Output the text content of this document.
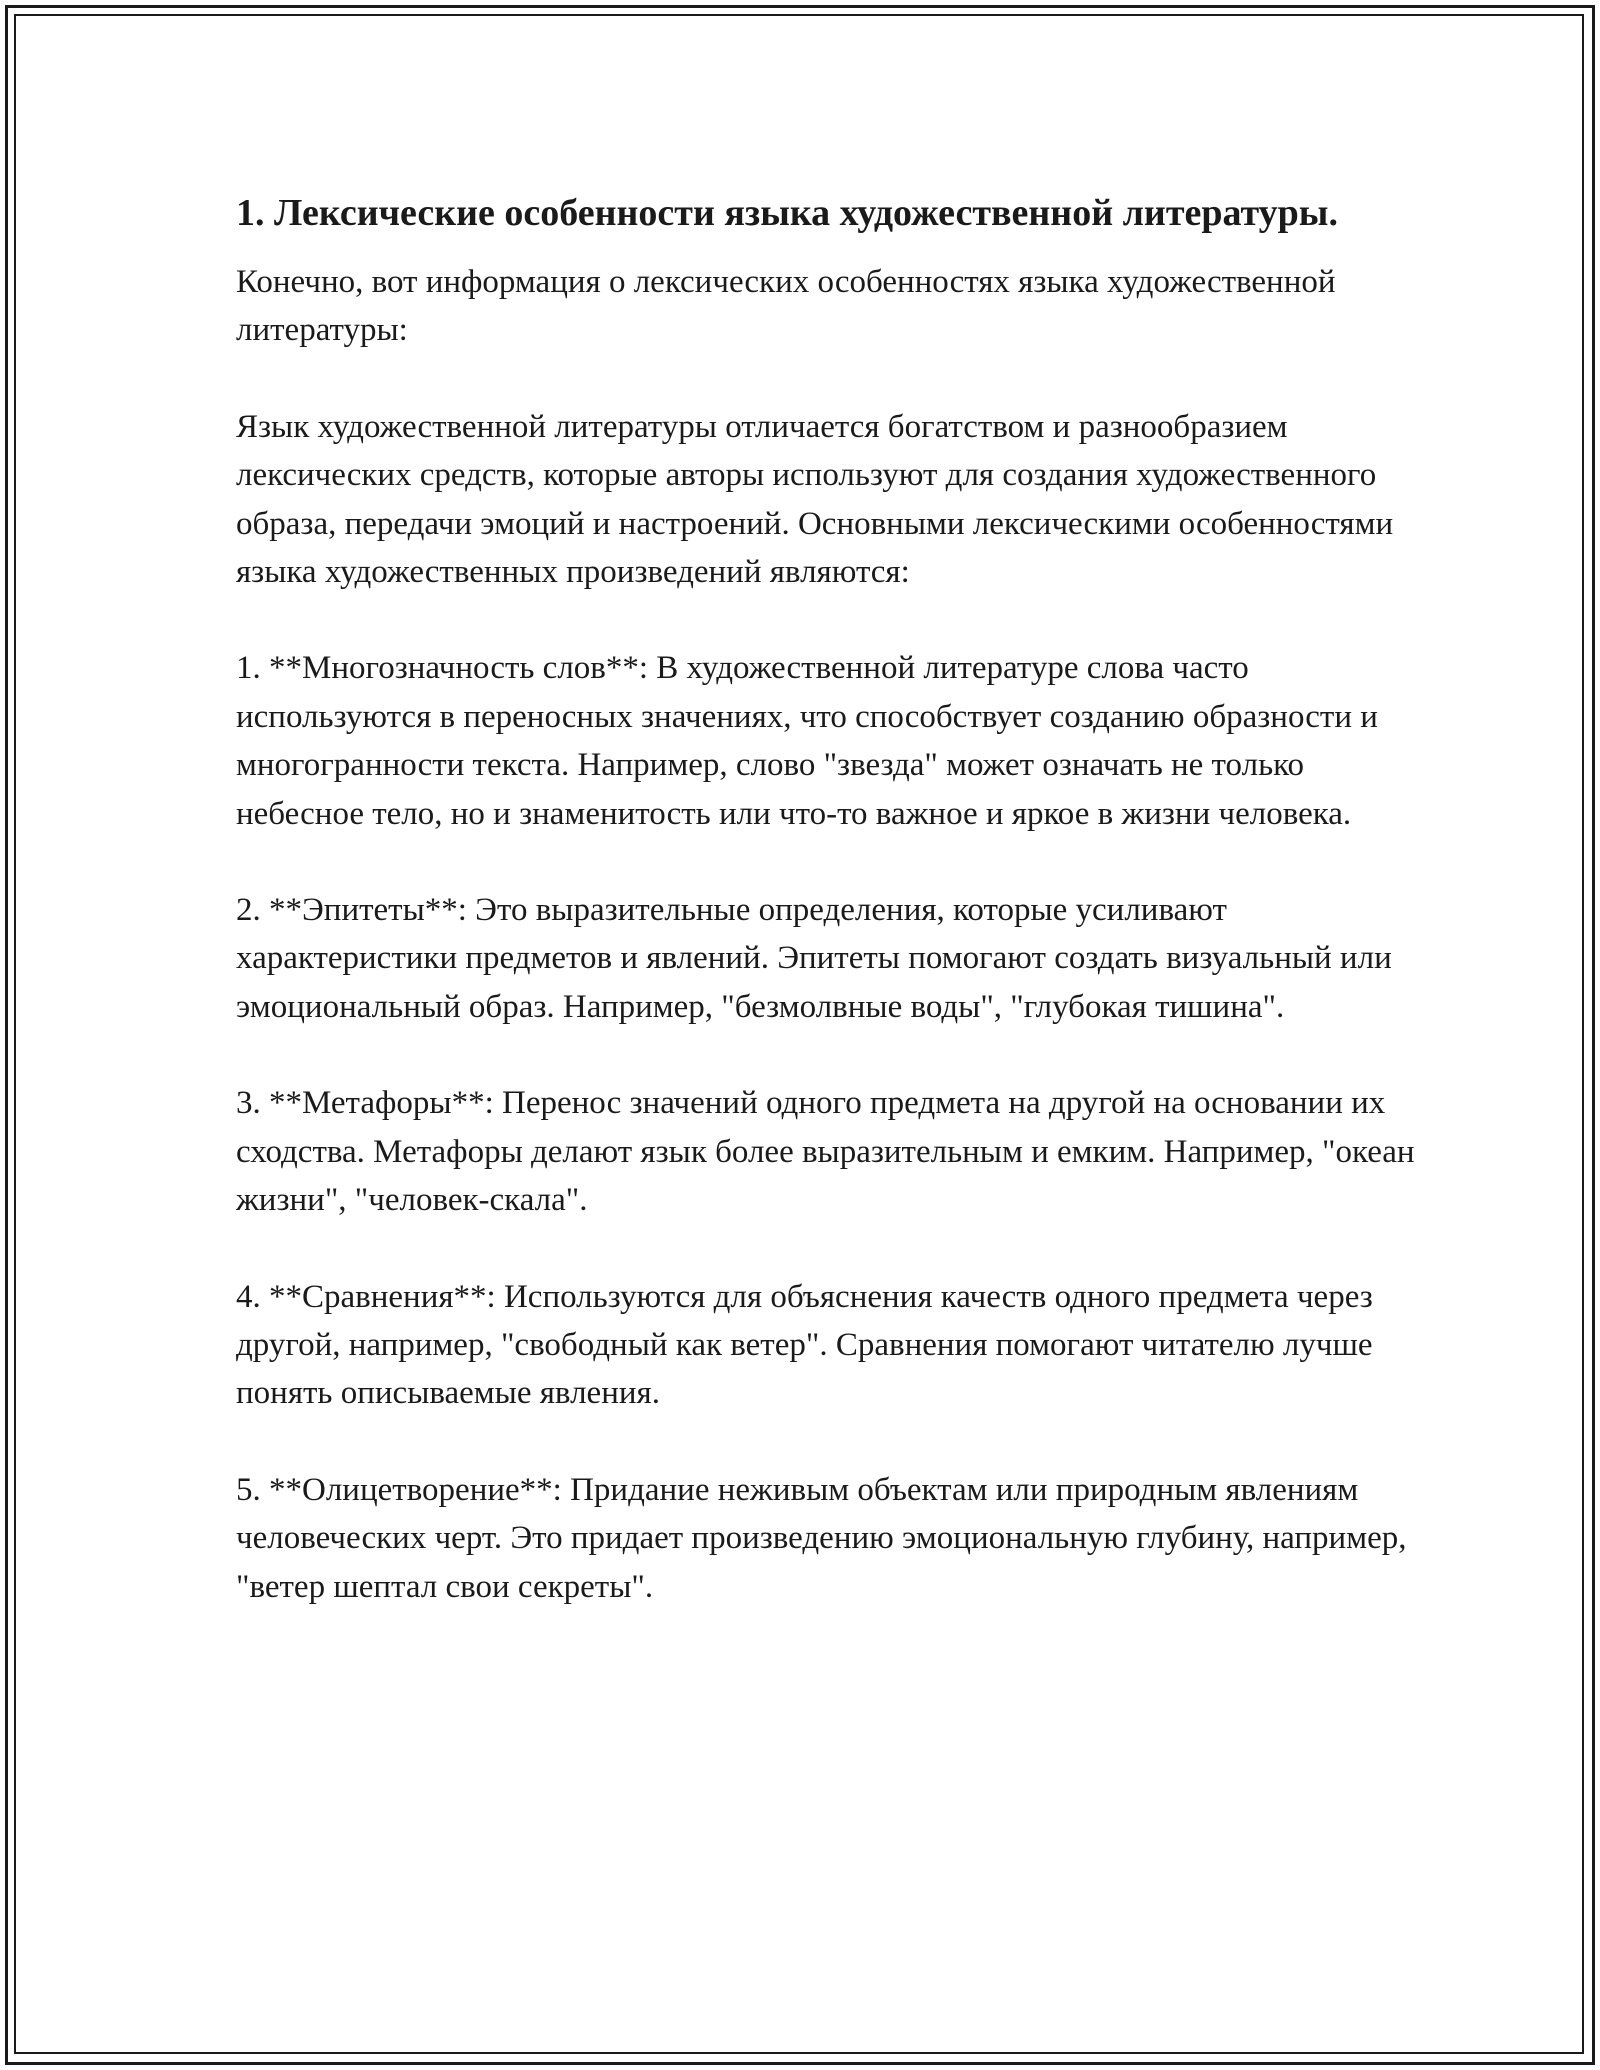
1. Лексические особенности языка художественной литературы.

Конечно, вот информация о лексических особенностях языка художественной литературы:

Язык художественной литературы отличается богатством и разнообразием лексических средств, которые авторы используют для создания художественного образа, передачи эмоций и настроений. Основными лексическими особенностями языка художественных произведений являются:

1. **Многозначность слов**: В художественной литературе слова часто используются в переносных значениях, что способствует созданию образности и многогранности текста. Например, слово "звезда" может означать не только небесное тело, но и знаменитость или что-то важное и яркое в жизни человека.

2. **Эпитеты**: Это выразительные определения, которые усиливают характеристики предметов и явлений. Эпитеты помогают создать визуальный или эмоциональный образ. Например, "безмолвные воды", "глубокая тишина".

3. **Метафоры**: Перенос значений одного предмета на другой на основании их сходства. Метафоры делают язык более выразительным и емким. Например, "океан жизни", "человек-скала".

4. **Сравнения**: Используются для объяснения качеств одного предмета через другой, например, "свободный как ветер". Сравнения помогают читателю лучше понять описываемые явления.

5. **Олицетворение**: Придание неживым объектам или природным явлениям человеческих черт. Это придает произведению эмоциональную глубину, например, "ветер шептал свои секреты".
